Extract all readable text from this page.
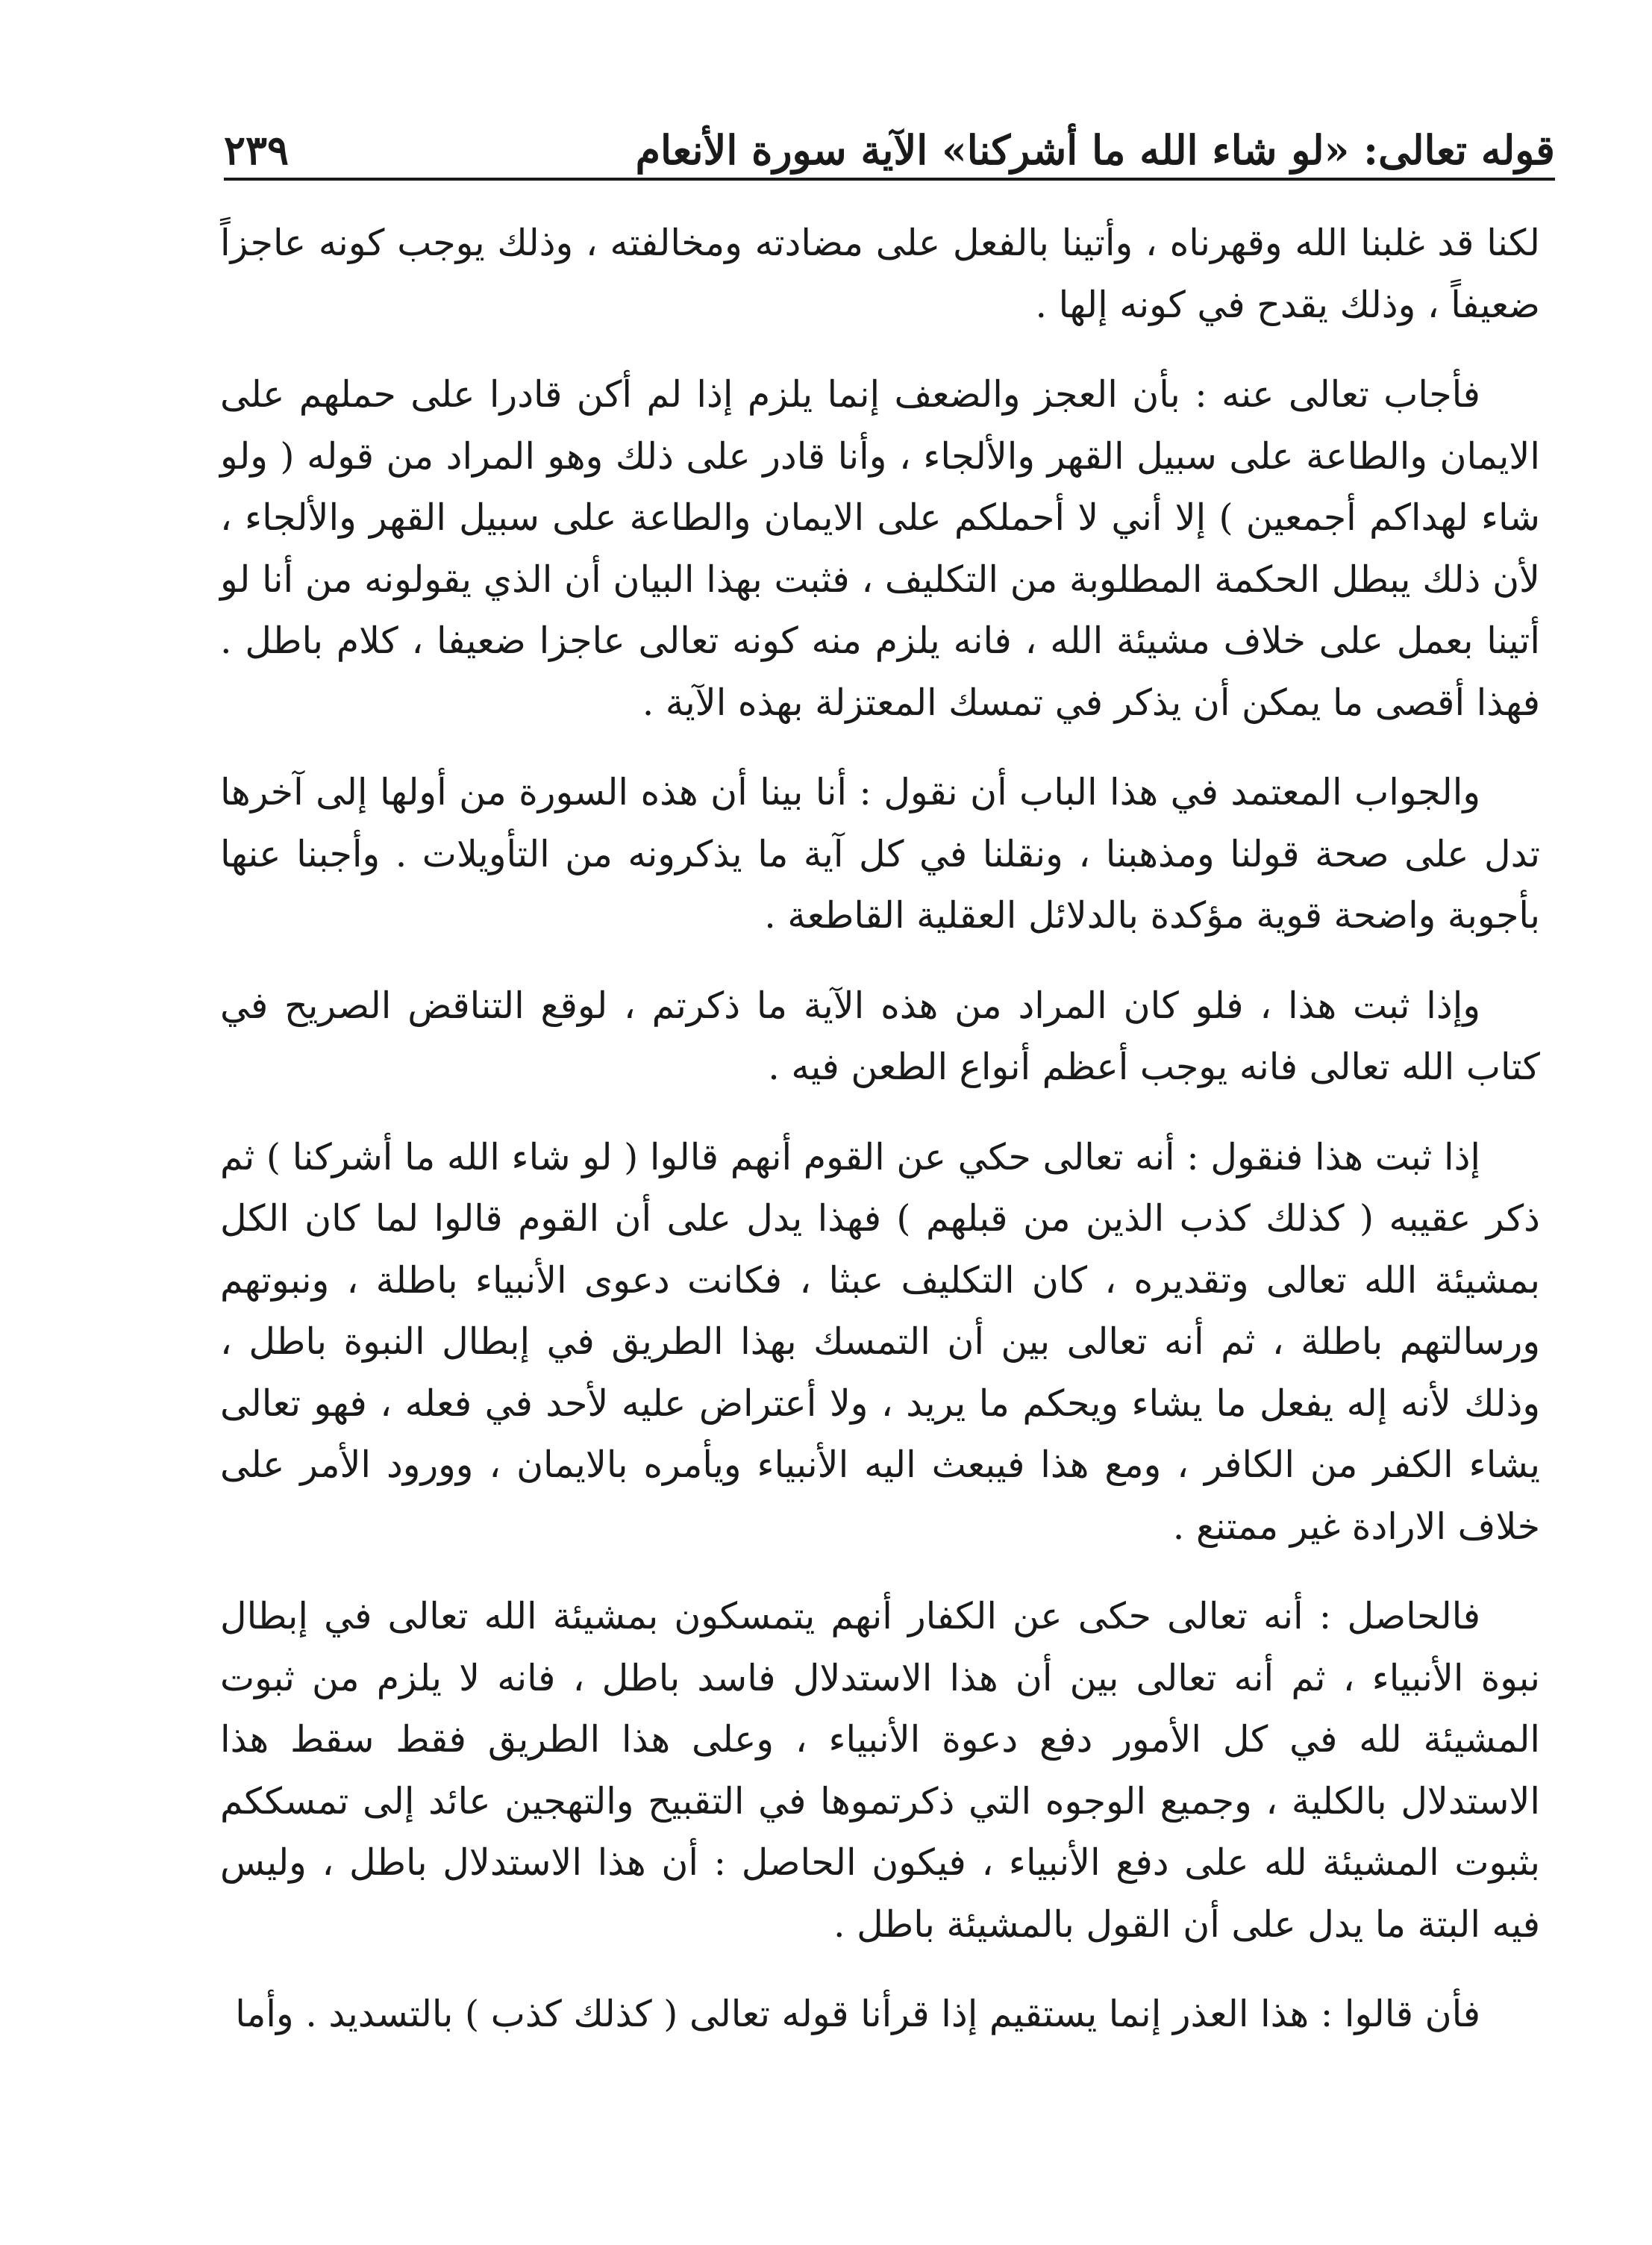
قوله تعالى: «لو شاء الله ما أشركنا» الآية سورة الأنعام
٢٣٩

لكنا قد غلبنا الله وقهرناه ، وأتينا بالفعل على مضادته ومخالفته ، وذلك يوجب كونه عاجزاً ضعيفاً ، وذلك يقدح في كونه إلها .

فأجاب تعالى عنه : بأن العجز والضعف إنما يلزم إذا لم أكن قادرا على حملهم على الايمان والطاعة على سبيل القهر والألجاء ، وأنا قادر على ذلك وهو المراد من قوله ( ولو شاء لهداكم أجمعين ) إلا أني لا أحملكم على الايمان والطاعة على سبيل القهر والألجاء ، لأن ذلك يبطل الحكمة المطلوبة من التكليف ، فثبت بهذا البيان أن الذي يقولونه من أنا لو أتينا بعمل على خلاف مشيئة الله ، فانه يلزم منه كونه تعالى عاجزا ضعيفا ، كلام باطل . فهذا أقصى ما يمكن أن يذكر في تمسك المعتزلة بهذه الآية .

والجواب المعتمد في هذا الباب أن نقول : أنا بينا أن هذه السورة من أولها إلى آخرها تدل على صحة قولنا ومذهبنا ، ونقلنا في كل آية ما يذكرونه من التأويلات . وأجبنا عنها بأجوبة واضحة قوية مؤكدة بالدلائل العقلية القاطعة .

وإذا ثبت هذا ، فلو كان المراد من هذه الآية ما ذكرتم ، لوقع التناقض الصريح في كتاب الله تعالى فانه يوجب أعظم أنواع الطعن فيه .

إذا ثبت هذا فنقول : أنه تعالى حكي عن القوم أنهم قالوا ( لو شاء الله ما أشركنا ) ثم ذكر عقيبه ( كذلك كذب الذين من قبلهم ) فهذا يدل على أن القوم قالوا لما كان الكل بمشيئة الله تعالى وتقديره ، كان التكليف عبثا ، فكانت دعوى الأنبياء باطلة ، ونبوتهم ورسالتهم باطلة ، ثم أنه تعالى بين أن التمسك بهذا الطريق في إبطال النبوة باطل ، وذلك لأنه إله يفعل ما يشاء ويحكم ما يريد ، ولا أعتراض عليه لأحد في فعله ، فهو تعالى يشاء الكفر من الكافر ، ومع هذا فيبعث اليه الأنبياء ويأمره بالايمان ، وورود الأمر على خلاف الارادة غير ممتنع .

فالحاصل : أنه تعالى حكى عن الكفار أنهم يتمسكون بمشيئة الله تعالى في إبطال نبوة الأنبياء ، ثم أنه تعالى بين أن هذا الاستدلال فاسد باطل ، فانه لا يلزم من ثبوت المشيئة لله في كل الأمور دفع دعوة الأنبياء ، وعلى هذا الطريق فقط سقط هذا الاستدلال بالكلية ، وجميع الوجوه التي ذكرتموها في التقبيح والتهجين عائد إلى تمسككم بثبوت المشيئة لله على دفع الأنبياء ، فيكون الحاصل : أن هذا الاستدلال باطل ، وليس فيه البتة ما يدل على أن القول بالمشيئة باطل .

فأن قالوا : هذا العذر إنما يستقيم إذا قرأنا قوله تعالى ( كذلك كذب ) بالتسديد . وأما
